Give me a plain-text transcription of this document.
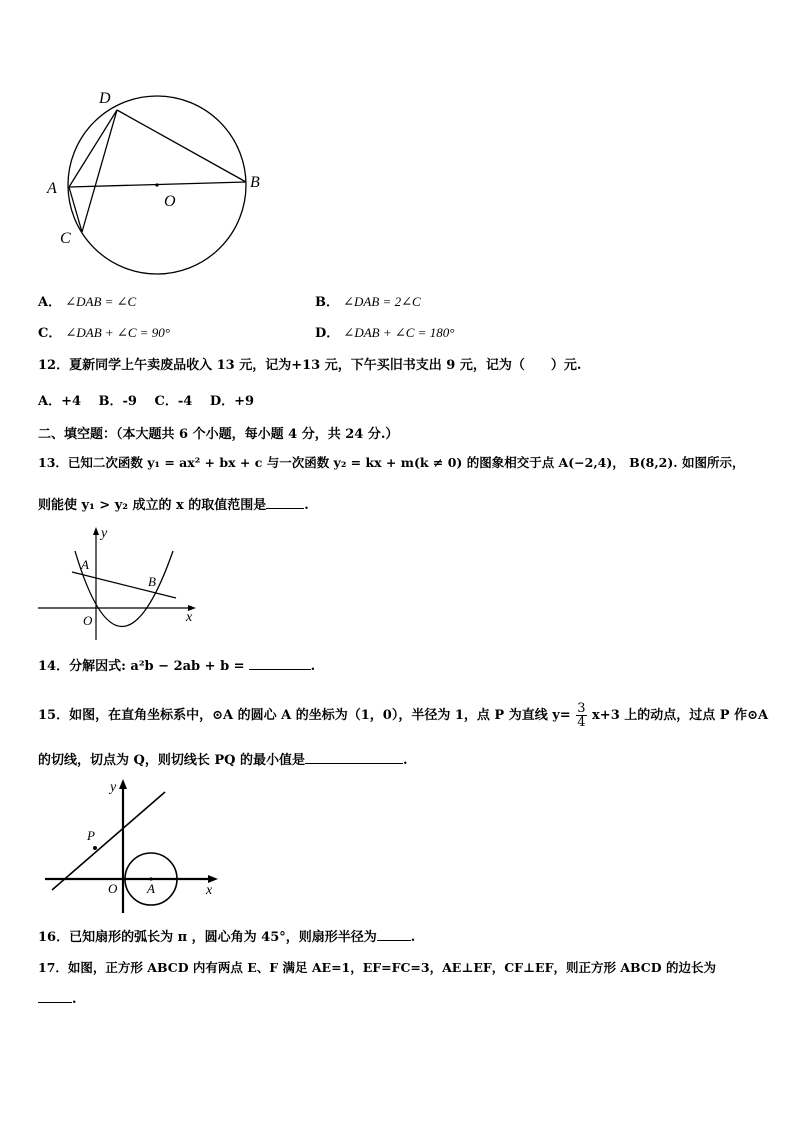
D
A	B
O
C
A． ∠DAB = ∠C	B． ∠DAB = 2∠C
C． ∠DAB + ∠C = 90°	D． ∠DAB + ∠C = 180°
12．夏新同学上午卖废品收入 13 元，记为+13 元，下午买旧书支出 9 元，记为（　　）元.
A．+4　 B．-9　 C．-4　 D．+9
二、填空题：（本大题共 6 个小题，每小题 4 分，共 24 分.）
13．已知二次函数 y₁ = ax² + bx + c 与一次函数 y₂ = kx + m(k ≠ 0) 的图象相交于点 A(−2,4)， B(8,2). 如图所示，
则能使 y₁ > y₂ 成立的 x 的取值范围是	.
y
A
B
O	x
14．分解因式: a²b − 2ab + b =	.
15．如图，在直角坐标系中，⊙A 的圆心 A 的坐标为（1，0），半径为 1，点 P 为直线 $y= \frac{3}{4} x+3$ 上的动点，过点 P 作⊙A
的切线，切点为 Q，则切线长 PQ 的最小值是	.
y
P
O A	x
16．已知扇形的弧长为 π ，圆心角为 45°，则扇形半径为	.
17．如图，正方形 ABCD 内有两点 E、F 满足 AE=1，EF=FC=3，AE⊥EF，CF⊥EF，则正方形 ABCD 的边长为
.
